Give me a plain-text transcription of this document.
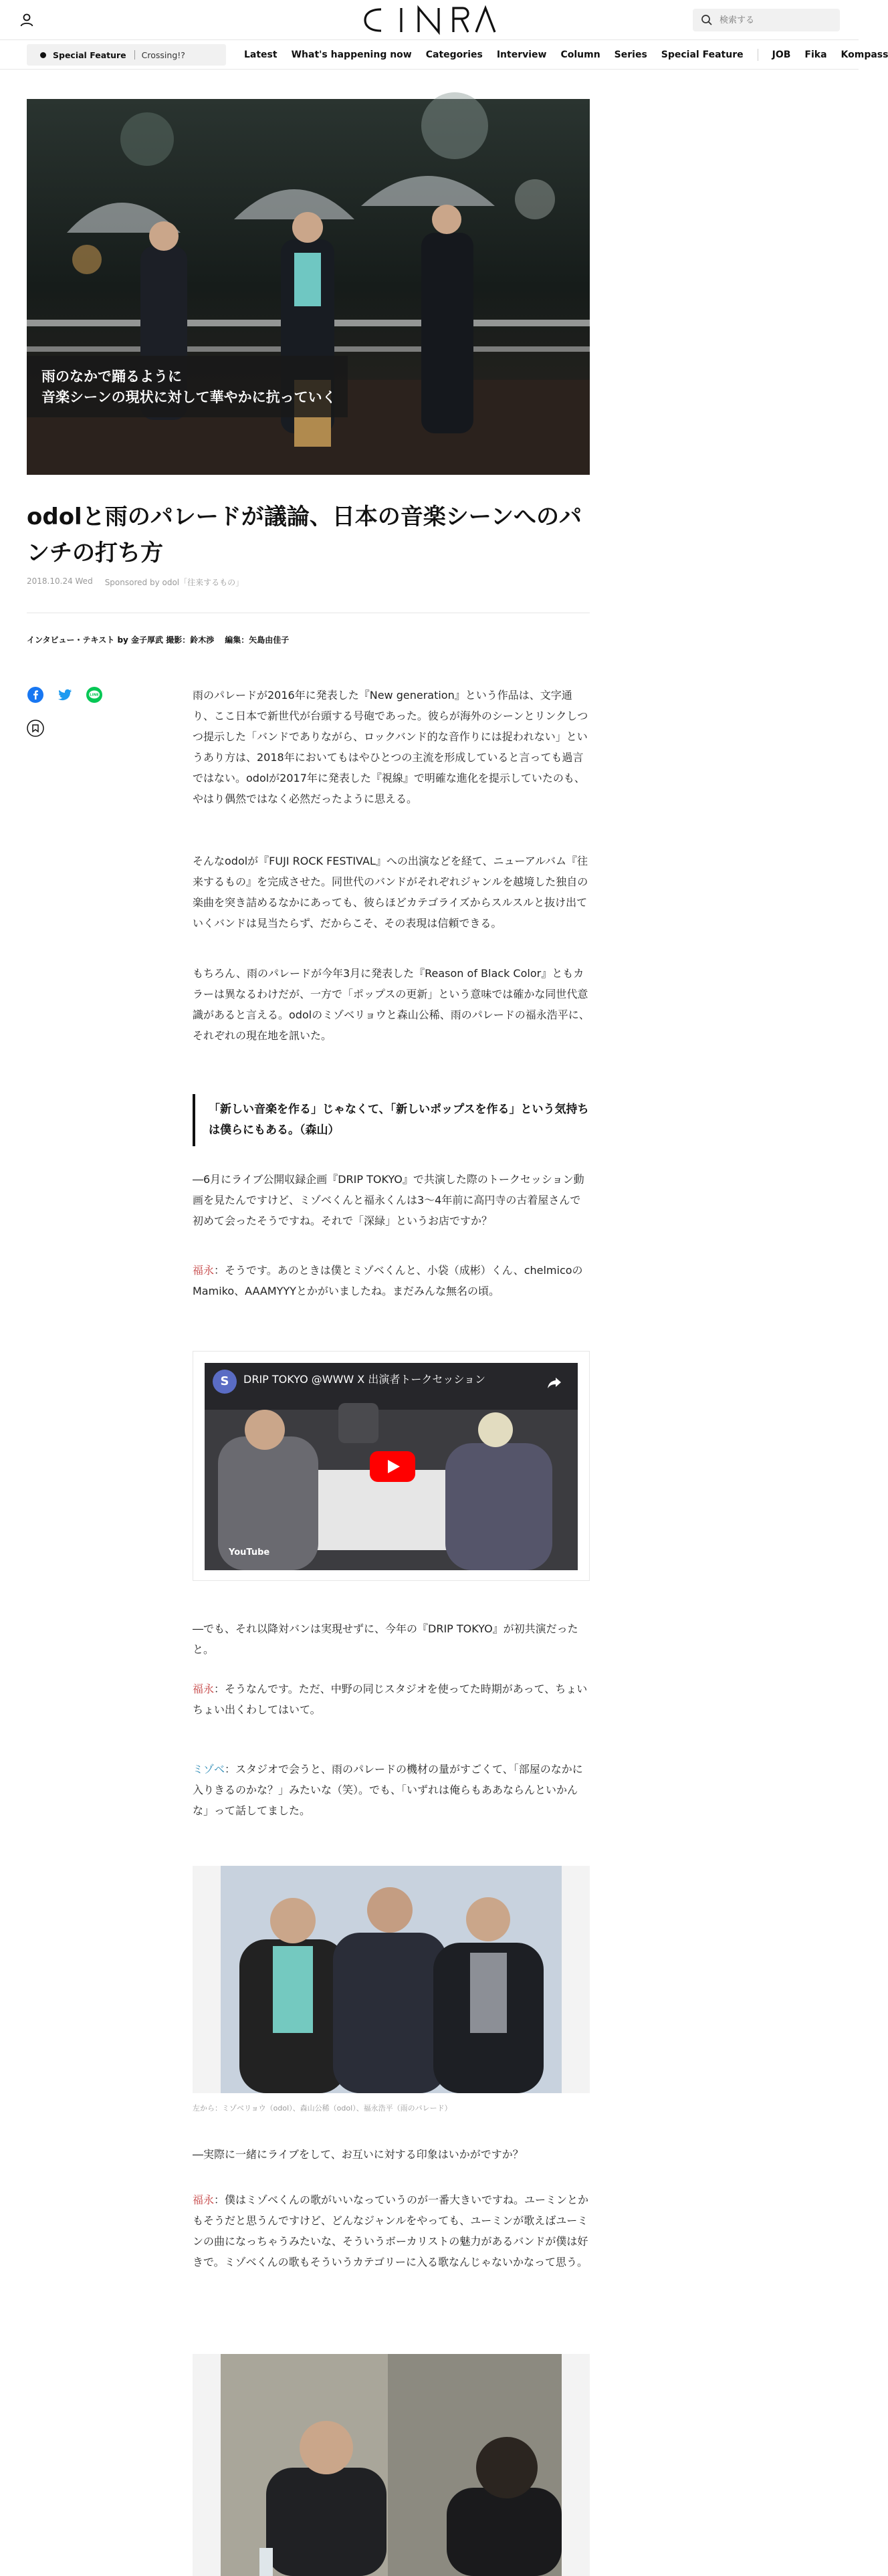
検索する
Special Feature Crossing!?	Latest What's happening now Categories Interview Column Series Special Feature	JOB Fika Kompass
雨のなかで踊るように
音楽シーンの現状に対して華やかに抗っていく
odolと雨のパレードが議論、日本の音楽シーンへのパ
ンチの打ち方
2018.10.24 Wed Sponsored by odol「往来するもの」
インタビュー・テキスト by 金子厚武 撮影：鈴木渉 編集：矢島由佳子
LINE	雨のパレードが2016年に発表した『New generation』という作品は、文字通り、ここ日本で新世代が台頭する号砲であった。彼らが海外のシーンとリンクしつつ提示した「バンドでありながら、ロックバンド的な音作りには捉われない」というあり方は、2018年においてもはやひとつの主流を形成していると言っても過言ではない。odolが2017年に発表した『視線』で明確な進化を提示していたのも、やはり偶然ではなく必然だったように思える。

そんなodolが『FUJI ROCK FESTIVAL』への出演などを経て、ニューアルバム『往来するもの』を完成させた。同世代のバンドがそれぞれジャンルを越境した独自の楽曲を突き詰めるなかにあっても、彼らほどカテゴライズからスルスルと抜け出ていくバンドは見当たらず、だからこそ、その表現は信頼できる。

もちろん、雨のパレードが今年3月に発表した『Reason of Black Color』ともカラーは異なるわけだが、一方で「ポップスの更新」という意味では確かな同世代意識があると言える。odolのミゾベリョウと森山公稀、雨のパレードの福永浩平に、それぞれの現在地を訊いた。

「新しい音楽を作る」じゃなくて、「新しいポップスを作る」という気持ちは僕らにもある。（森山）

―6月にライブ公開収録企画『DRIP TOKYO』で共演した際のトークセッション動画を見たんですけど、ミゾベくんと福永くんは3～4年前に高円寺の古着屋さんで初めて会ったそうですね。それで「深緑」というお店ですか？

福永：そうです。あのときは僕とミゾベくんと、小袋（成彬）くん、chelmicoのMamiko、AAAMYYYとかがいましたね。まだみんな無名の頃。

S	DRIP TOKYO @WWW X 出演者トークセッション
YouTube

―でも、それ以降対バンは実現せずに、今年の『DRIP TOKYO』が初共演だったと。

福永：そうなんです。ただ、中野の同じスタジオを使ってた時期があって、ちょいちょい出くわしてはいて。

ミゾベ：スタジオで会うと、雨のパレードの機材の量がすごくて、「部屋のなかに入りきるのかな？」みたいな（笑）。でも、「いずれは俺らもああならんといかんな」って話してました。

左から：ミゾベリョウ（odol）、森山公稀（odol）、福永浩平（雨のパレード）

―実際に一緒にライブをして、お互いに対する印象はいかがですか？

福永：僕はミゾベくんの歌がいいなっていうのが一番大きいですね。ユーミンとかもそうだと思うんですけど、どんなジャンルをやっても、ユーミンが歌えばユーミンの曲になっちゃうみたいな、そういうボーカリストの魅力があるバンドが僕は好きで。ミゾベくんの歌もそういうカテゴリーに入る歌なんじゃないかなって思う。
